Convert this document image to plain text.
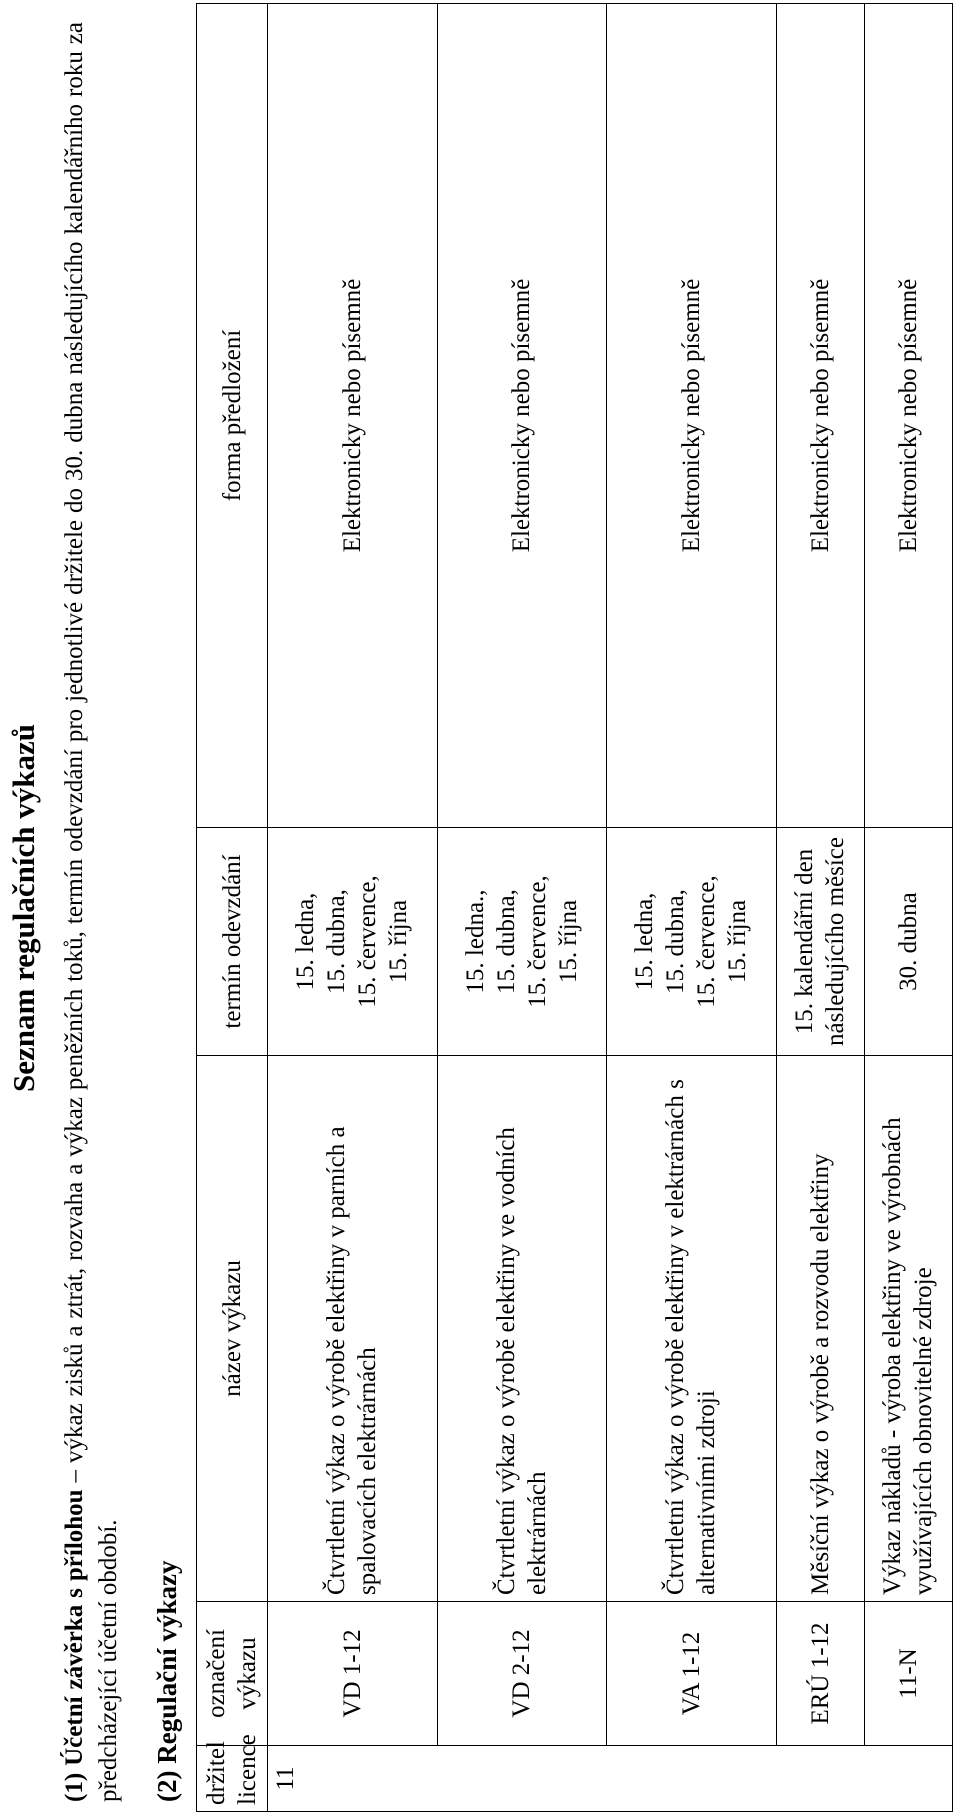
Seznam regulačních výkazů
(1) Účetní závěrka s přílohou – výkaz zisků a ztrát, rozvaha a výkaz peněžních toků, termín odevzdání pro jednotlivé držitele do 30. dubna následujícího kalendářního roku za předcházející účetní období. (2) Regulační výkazy držitel licence	označení výkazu	název výkazu	termín odevzdání	forma předložení
11	VD 1-12	Čtvrtletní výkaz o výrobě elektřiny v parních a spalovacích elektrárnách	15. ledna, 15. dubna, 15. července, 15. října	Elektronicky nebo písemně
	VD 2-12	Čtvrtletní výkaz o výrobě elektřiny ve vodních elektrárnách	15. ledna., 15. dubna, 15. července, 15. října	Elektronicky nebo písemně
	VA 1-12	Čtvrtletní výkaz o výrobě elektřiny v elektrárnách s alternativními zdroji	15. ledna, 15. dubna, 15. července, 15. října	Elektronicky nebo písemně
	ERÚ 1-12	Měsíční výkaz o výrobě a rozvodu elektřiny	15. kalendářní den následujícího měsíce	Elektronicky nebo písemně
	11-N	Výkaz nákladů - výroba elektřiny ve výrobnách využívajících obnovitelné zdroje	30. dubna	Elektronicky nebo písemně
